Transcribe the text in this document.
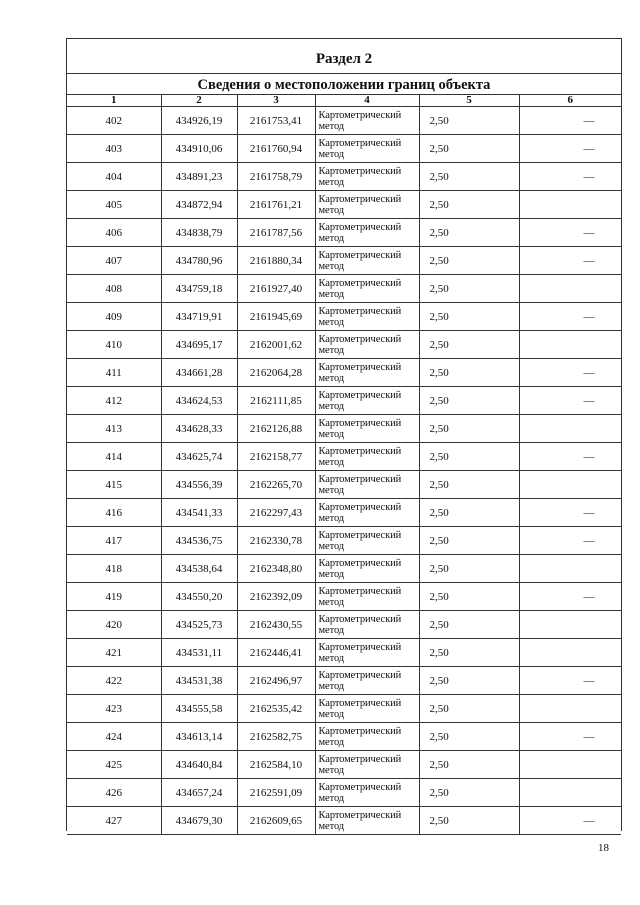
Раздел 2
Сведения о местоположении границ объекта
1	2	3	4	5	6
402	434926,19	2161753,41	Картометрический метод	2,50	—
403	434910,06	2161760,94	Картометрический метод	2,50	—
404	434891,23	2161758,79	Картометрический метод	2,50	—
405	434872,94	2161761,21	Картометрический метод	2,50	
406	434838,79	2161787,56	Картометрический метод	2,50	—
407	434780,96	2161880,34	Картометрический метод	2,50	—
408	434759,18	2161927,40	Картометрический метод	2,50	
409	434719,91	2161945,69	Картометрический метод	2,50	—
410	434695,17	2162001,62	Картометрический метод	2,50	
411	434661,28	2162064,28	Картометрический метод	2,50	—
412	434624,53	2162111,85	Картометрический метод	2,50	—
413	434628,33	2162126,88	Картометрический метод	2,50	
414	434625,74	2162158,77	Картометрический метод	2,50	—
415	434556,39	2162265,70	Картометрический метод	2,50	
416	434541,33	2162297,43	Картометрический метод	2,50	—
417	434536,75	2162330,78	Картометрический метод	2,50	—
418	434538,64	2162348,80	Картометрический метод	2,50	
419	434550,20	2162392,09	Картометрический метод	2,50	—
420	434525,73	2162430,55	Картометрический метод	2,50	
421	434531,11	2162446,41	Картометрический метод	2,50	
422	434531,38	2162496,97	Картометрический метод	2,50	—
423	434555,58	2162535,42	Картометрический метод	2,50	
424	434613,14	2162582,75	Картометрический метод	2,50	—
425	434640,84	2162584,10	Картометрический метод	2,50	
426	434657,24	2162591,09	Картометрический метод	2,50	
427	434679,30	2162609,65	Картометрический метод	2,50	—
18
